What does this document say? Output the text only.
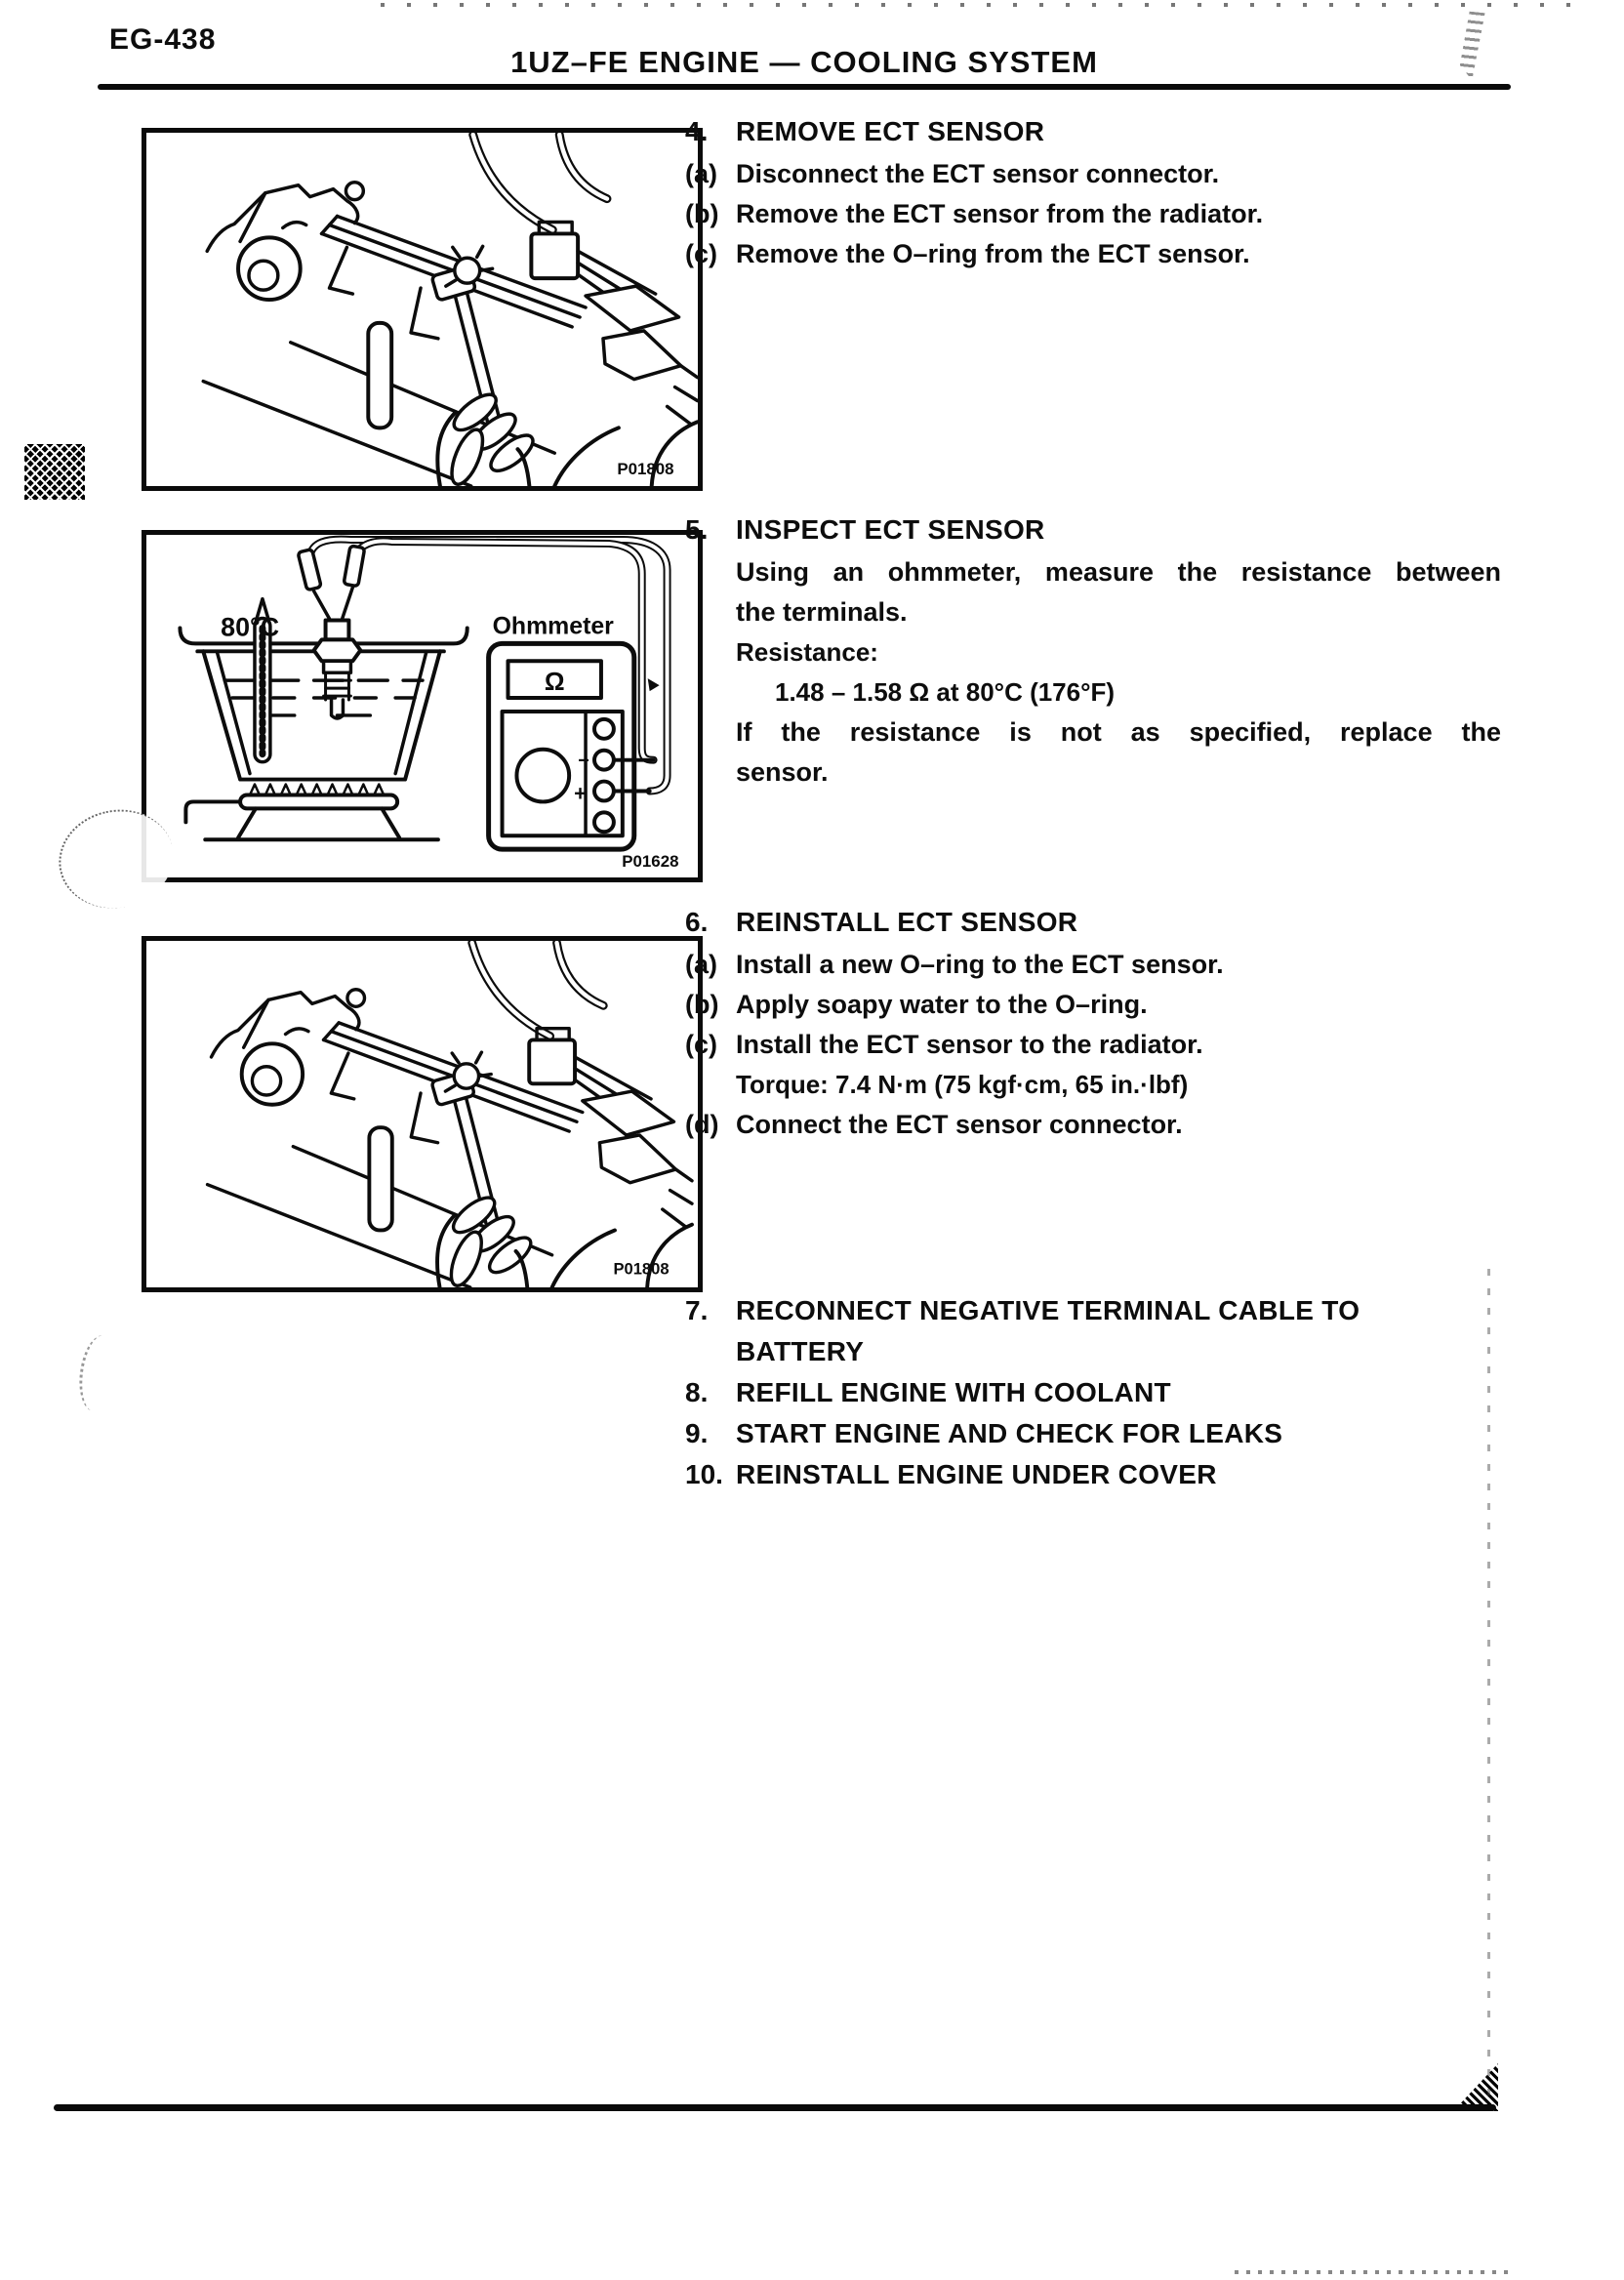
EG-438
1UZ–FE ENGINE — COOLING SYSTEM
P01808
80°C	Ohmmeter
Ω
−
+
P01628
P01808
4.	REMOVE ECT SENSOR
(a) Disconnect the ECT sensor connector.
(b) Remove the ECT sensor from the radiator.
(c) Remove the O–ring from the ECT sensor.
5.	INSPECT ECT SENSOR
Using an ohmmeter, measure the resistance between
the terminals.
Resistance:
1.48 – 1.58 Ω at 80°C (176°F)
If the resistance is not as specified, replace the
sensor.
6.	REINSTALL ECT SENSOR
(a) Install a new O–ring to the ECT sensor.
(b) Apply soapy water to the O–ring.
(c) Install the ECT sensor to the radiator.
Torque: 7.4 N·m (75 kgf·cm, 65 in.·lbf)
(d) Connect the ECT sensor connector.
7.	RECONNECT NEGATIVE TERMINAL CABLE TO
BATTERY
8.	REFILL ENGINE WITH COOLANT
9.	START ENGINE AND CHECK FOR LEAKS
10. REINSTALL ENGINE UNDER COVER
